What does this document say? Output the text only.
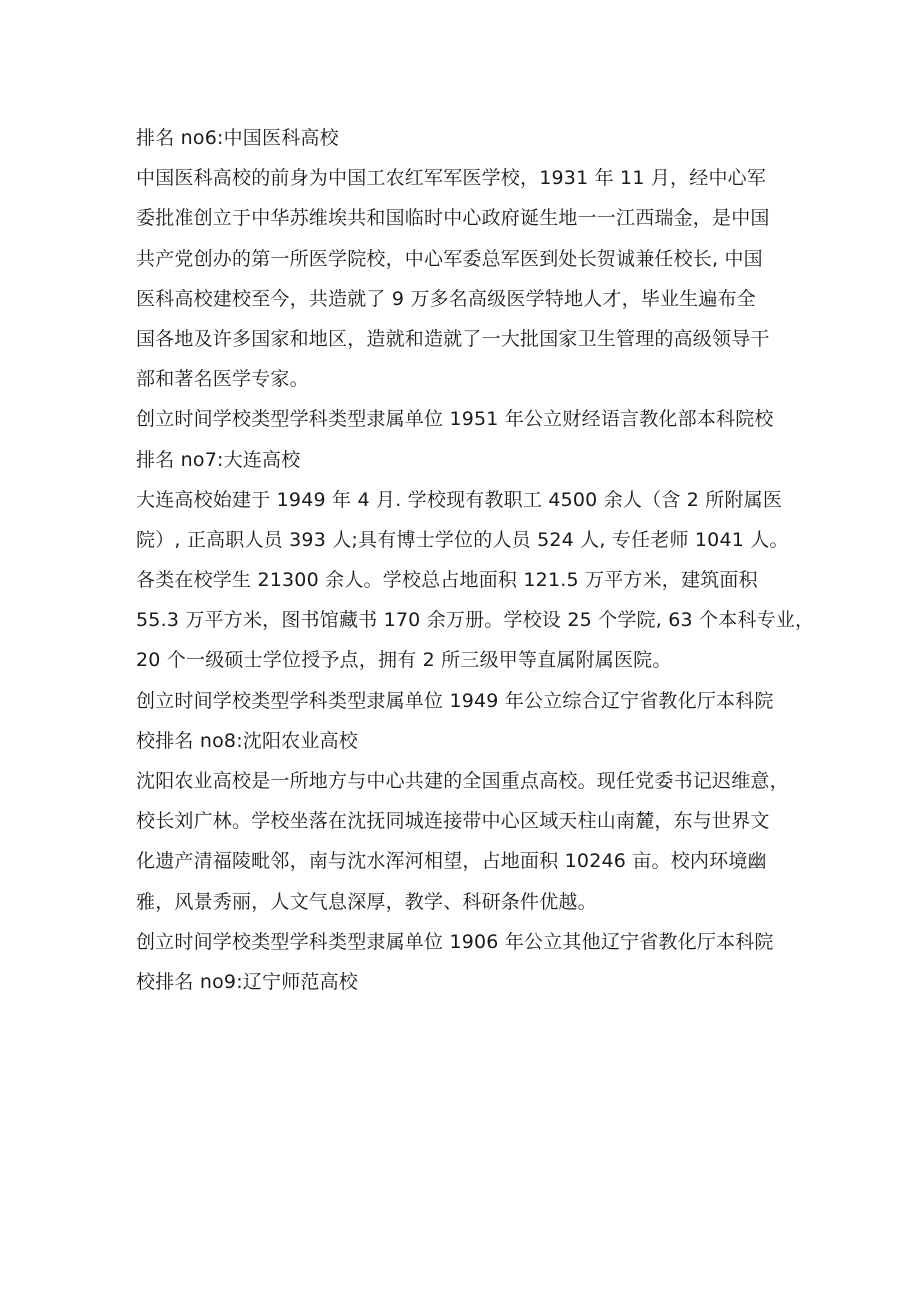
排名 no6:中国医科高校
中国医科高校的前身为中国工农红军军医学校，1931 年 11 月，经中心军
委批准创立于中华苏维埃共和国临时中心政府诞生地一一江西瑞金，是中国
共产党创办的第一所医学院校，中心军委总军医到处长贺诚兼任校长, 中国
医科高校建校至今，共造就了 9 万多名高级医学特地人才，毕业生遍布全
国各地及许多国家和地区，造就和造就了一大批国家卫生管理的高级领导干
部和著名医学专家。
创立时间学校类型学科类型隶属单位 1951 年公立财经语言教化部本科院校
排名 no7:大连高校
大连高校始建于 1949 年 4 月. 学校现有教职工 4500 余人（含 2 所附属医
院）, 正高职人员 393 人;具有博士学位的人员 524 人, 专任老师 1041 人。
各类在校学生 21300 余人。学校总占地面积 121.5 万平方米，建筑面积
55.3 万平方米，图书馆藏书 170 余万册。学校设 25 个学院, 63 个本科专业，
20 个一级硕士学位授予点，拥有 2 所三级甲等直属附属医院。
创立时间学校类型学科类型隶属单位 1949 年公立综合辽宁省教化厅本科院
校排名 no8:沈阳农业高校
沈阳农业高校是一所地方与中心共建的全国重点高校。现任党委书记迟维意，
校长刘广林。学校坐落在沈抚同城连接带中心区域天柱山南麓，东与世界文
化遗产清福陵毗邻，南与沈水浑河相望，占地面积 10246 亩。校内环境幽
雅，风景秀丽，人文气息深厚，教学、科研条件优越。
创立时间学校类型学科类型隶属单位 1906 年公立其他辽宁省教化厅本科院
校排名 no9:辽宁师范高校
